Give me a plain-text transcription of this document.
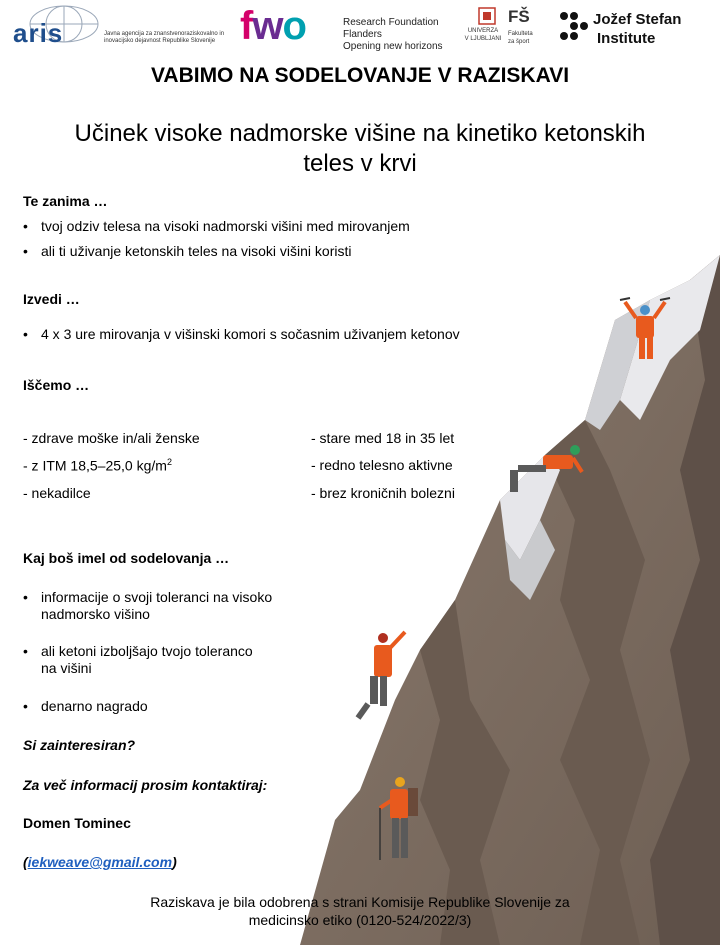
aris	Javna agencija za znanstvenoraziskovalno in inovacijsko dejavnost Republike Slovenije fwo	Research Foundation
Flanders
Opening new horizons
UNIVERZA
V LJUBLJANI
FŠ
Fakulteta
za šport
Jožef Stefan
Institute
VABIMO NA SODELOVANJE V RAZISKAVI
Učinek visoke nadmorske višine na kinetiko ketonskih
teles v krvi
Te zanima …
• tvoj odziv telesa na visoki nadmorski višini med mirovanjem
• ali ti uživanje ketonskih teles na visoki višini koristi
Izvedi …
• 4 x 3 ure mirovanja v višinski komori s sočasnim uživanjem ketonov
Iščemo …
- zdrave moške in/ali ženske
- z ITM 18,5–25,0 $kg/m^2$
- nekadilce
- stare med 18 in 35 let
- redno telesno aktivne
- brez kroničnih bolezni
Kaj boš imel od sodelovanja …
• informacije o svoji toleranci na visoko
nadmorsko višino
• ali ketoni izboljšajo tvojo toleranco
na višini
• denarno nagrado
Si zainteresiran?
Za več informacij prosim kontaktiraj:
Domen Tominec
(iekweave@gmail.com)
Raziskava je bila odobrena s strani Komisije Republike Slovenije za
medicinsko etiko (0120-524/2022/3)
